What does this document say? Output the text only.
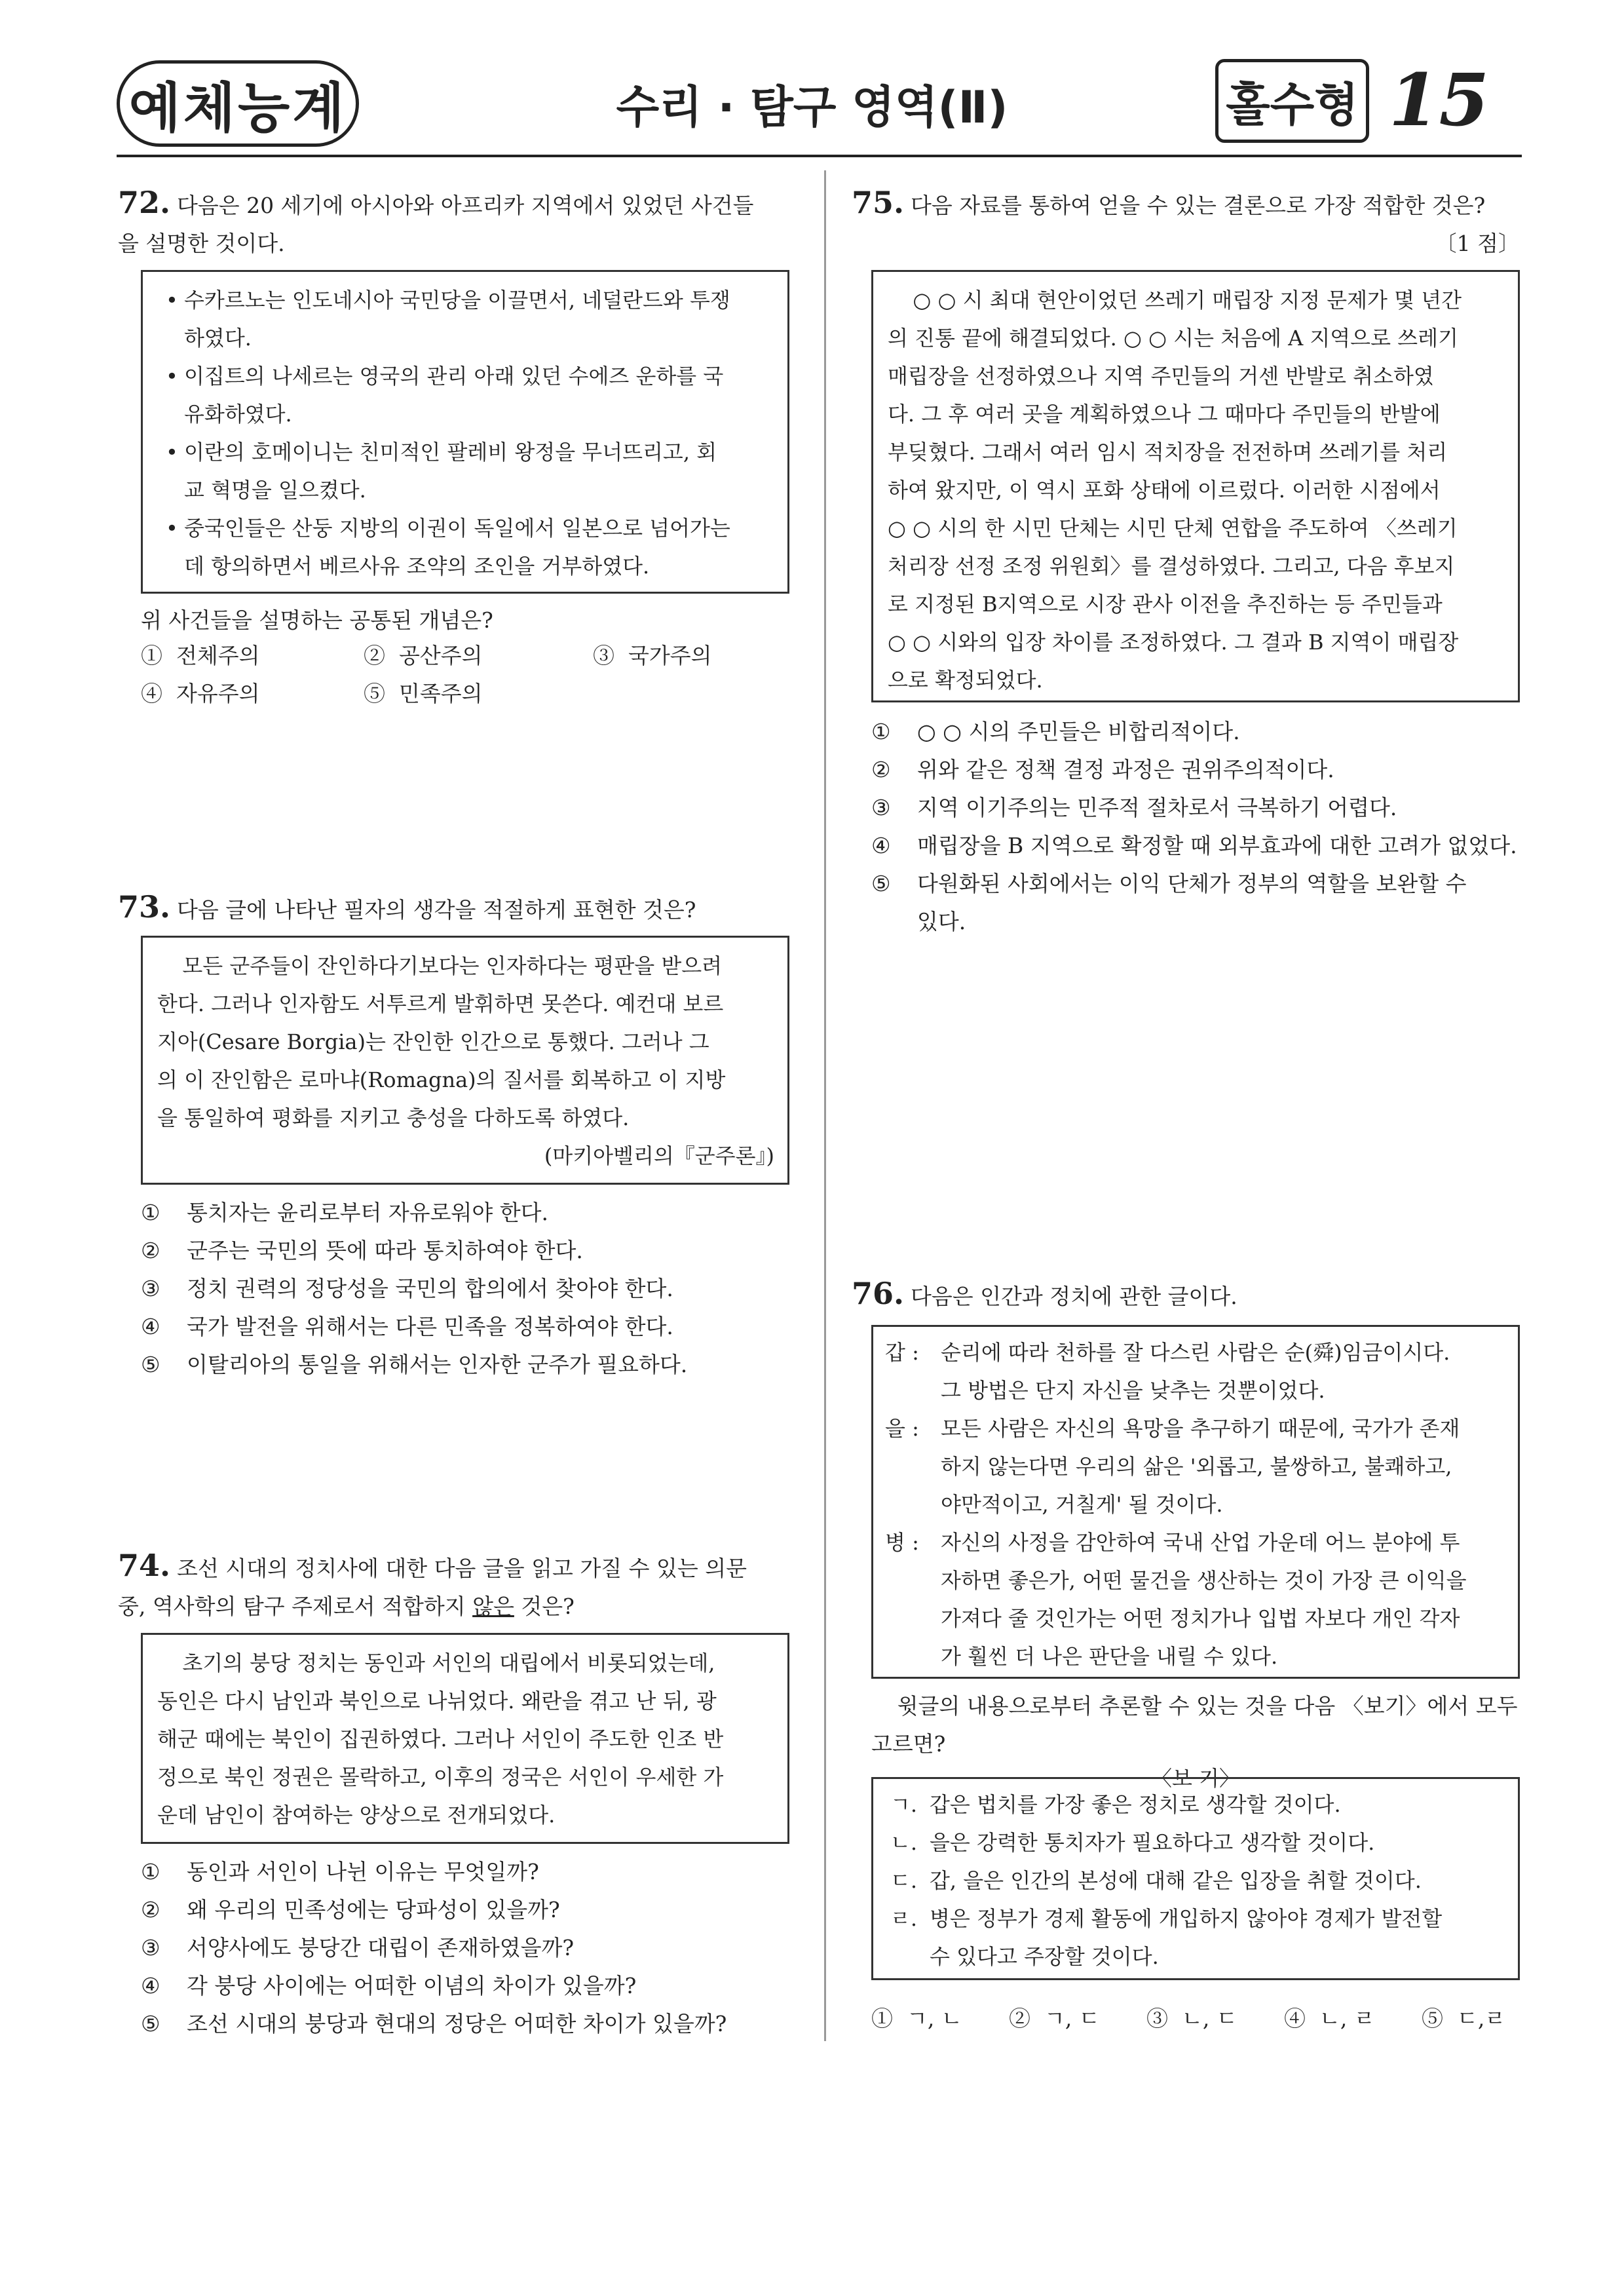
예체능계	수리 · 탐구 영역(Ⅱ)	홀수형 15
72. 다음은 20 세기에 아시아와 아프리카 지역에서 있었던 사건들
을 설명한 것이다.
• 수카르노는 인도네시아 국민당을 이끌면서, 네덜란드와 투쟁
하였다.
• 이집트의 나세르는 영국의 관리 아래 있던 수에즈 운하를 국
유화하였다.
• 이란의 호메이니는 친미적인 팔레비 왕정을 무너뜨리고, 회
교 혁명을 일으켰다.
• 중국인들은 산둥 지방의 이권이 독일에서 일본으로 넘어가는
데 항의하면서 베르사유 조약의 조인을 거부하였다.
위 사건들을 설명하는 공통된 개념은?
① 전체주의	② 공산주의	③ 국가주의
④ 자유주의	⑤ 민족주의
73. 다음 글에 나타난 필자의 생각을 적절하게 표현한 것은?

모든 군주들이 잔인하다기보다는 인자하다는 평판을 받으려

한다. 그러나 인자함도 서투르게 발휘하면 못쓴다. 예컨대 보르

지아(Cesare Borgia)는 잔인한 인간으로 통했다. 그러나 그

의 이 잔인함은 로마냐(Romagna)의 질서를 회복하고 이 지방

을 통일하여 평화를 지키고 충성을 다하도록 하였다.

(마키아벨리의『군주론』)

①	통치자는 윤리로부터 자유로워야 한다.
②	군주는 국민의 뜻에 따라 통치하여야 한다.
③	정치 권력의 정당성을 국민의 합의에서 찾아야 한다.
④	국가 발전을 위해서는 다른 민족을 정복하여야 한다.
⑤	이탈리아의 통일을 위해서는 인자한 군주가 필요하다.
74. 조선 시대의 정치사에 대한 다음 글을 읽고 가질 수 있는 의문
중, 역사학의 탐구 주제로서 적합하지 않은 것은?

초기의 붕당 정치는 동인과 서인의 대립에서 비롯되었는데,

동인은 다시 남인과 북인으로 나뉘었다. 왜란을 겪고 난 뒤, 광

해군 때에는 북인이 집권하였다. 그러나 서인이 주도한 인조 반

정으로 북인 정권은 몰락하고, 이후의 정국은 서인이 우세한 가

운데 남인이 참여하는 양상으로 전개되었다.

①	동인과 서인이 나뉜 이유는 무엇일까?
②	왜 우리의 민족성에는 당파성이 있을까?
③	서양사에도 붕당간 대립이 존재하였을까?
④	각 붕당 사이에는 어떠한 이념의 차이가 있을까?
⑤	조선 시대의 붕당과 현대의 정당은 어떠한 차이가 있을까?
75. 다음 자료를 통하여 얻을 수 있는 결론으로 가장 적합한 것은?
〔1 점〕

○ ○ 시 최대 현안이었던 쓰레기 매립장 지정 문제가 몇 년간

의 진통 끝에 해결되었다. ○ ○ 시는 처음에 A 지역으로 쓰레기

매립장을 선정하였으나 지역 주민들의 거센 반발로 취소하였

다. 그 후 여러 곳을 계획하였으나 그 때마다 주민들의 반발에

부딪혔다. 그래서 여러 임시 적치장을 전전하며 쓰레기를 처리

하여 왔지만, 이 역시 포화 상태에 이르렀다. 이러한 시점에서

○ ○ 시의 한 시민 단체는 시민 단체 연합을 주도하여 〈쓰레기

처리장 선정 조정 위원회〉를 결성하였다. 그리고, 다음 후보지

로 지정된 B지역으로 시장 관사 이전을 추진하는 등 주민들과

○ ○ 시와의 입장 차이를 조정하였다. 그 결과 B 지역이 매립장

으로 확정되었다.

①	○ ○ 시의 주민들은 비합리적이다.
②	위와 같은 정책 결정 과정은 권위주의적이다.
③	지역 이기주의는 민주적 절차로서 극복하기 어렵다.
④	매립장을 B 지역으로 확정할 때 외부효과에 대한 고려가 없었다.
⑤	다원화된 사회에서는 이익 단체가 정부의 역할을 보완할 수
있다.
76. 다음은 인간과 정치에 관한 글이다.
갑 :	순리에 따라 천하를 잘 다스린 사람은 순(舜)임금이시다.
그 방법은 단지 자신을 낮추는 것뿐이었다.
을 :	모든 사람은 자신의 욕망을 추구하기 때문에, 국가가 존재
하지 않는다면 우리의 삶은 '외롭고, 불쌍하고, 불쾌하고,
야만적이고, 거칠게' 될 것이다.
병 :	자신의 사정을 감안하여 국내 산업 가운데 어느 분야에 투
자하면 좋은가, 어떤 물건을 생산하는 것이 가장 큰 이익을
가져다 줄 것인가는 어떤 정치가나 입법 자보다 개인 각자
가 훨씬 더 나은 판단을 내릴 수 있다.
윗글의 내용으로부터 추론할 수 있는 것을 다음 〈보기〉에서 모두
고르면?
〈보 기〉
ㄱ. 갑은 법치를 가장 좋은 정치로 생각할 것이다.
ㄴ. 을은 강력한 통치자가 필요하다고 생각할 것이다.
ㄷ. 갑, 을은 인간의 본성에 대해 같은 입장을 취할 것이다.
ㄹ. 병은 정부가 경제 활동에 개입하지 않아야 경제가 발전할
수 있다고 주장할 것이다.
① ㄱ, ㄴ ② ㄱ, ㄷ ③ ㄴ, ㄷ ④ ㄴ, ㄹ ⑤ ㄷ,ㄹ
